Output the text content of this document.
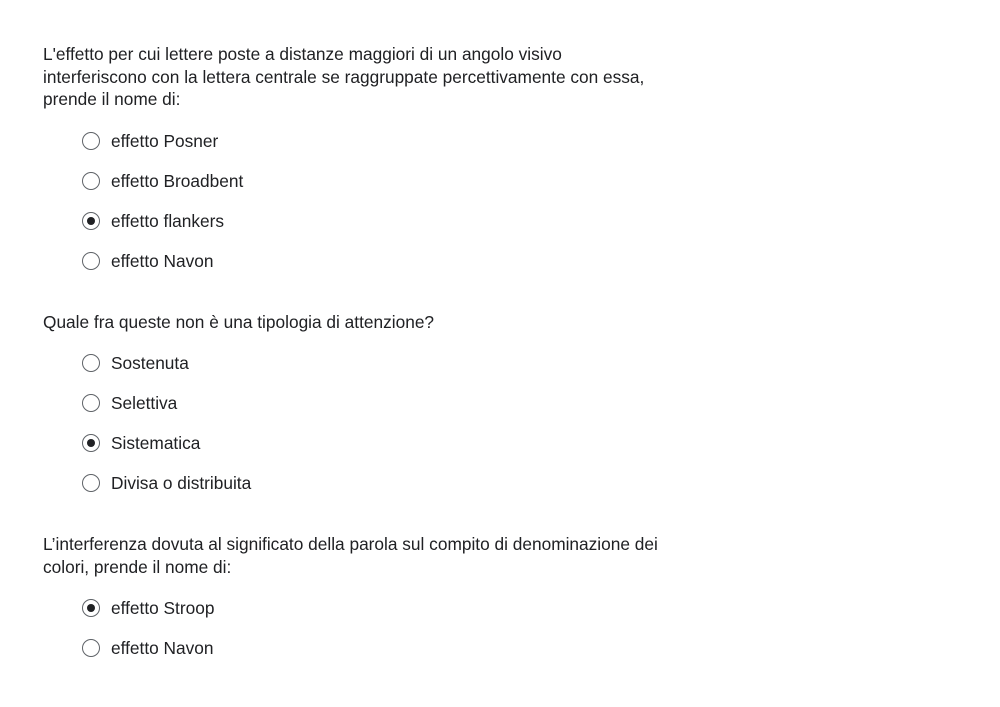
L'effetto per cui lettere poste a distanze maggiori di un angolo visivo
interferiscono con la lettera centrale se raggruppate percettivamente con essa,
prende il nome di:

effetto Posner
effetto Broadbent
effetto flankers
effetto Navon

Quale fra queste non è una tipologia di attenzione?

Sostenuta
Selettiva
Sistematica
Divisa o distribuita

L’interferenza dovuta al significato della parola sul compito di denominazione dei
colori, prende il nome di:

effetto Stroop
effetto Navon
